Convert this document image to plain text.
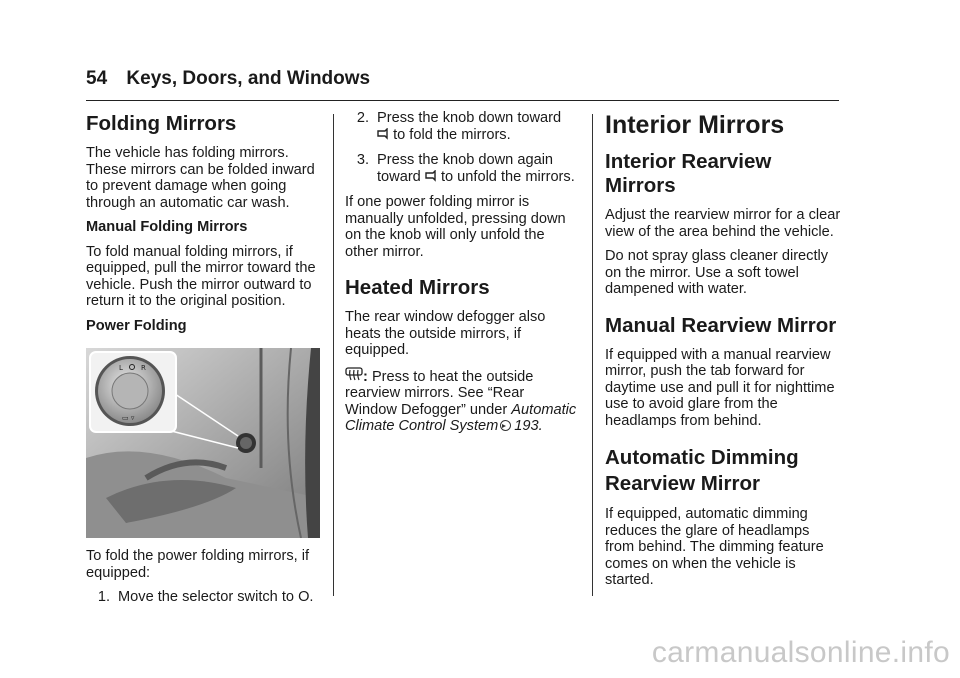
54 Keys, Doors, and Windows
Folding Mirrors

The vehicle has folding mirrors. These mirrors can be folded inward to prevent damage when going through an automatic car wash.

Manual Folding Mirrors

To fold manual folding mirrors, if equipped, pull the mirror toward the vehicle. Push the mirror outward to return it to the original position.

Power Folding
L	R
▭ ▿

To fold the power folding mirrors, if equipped:

1. Move the selector switch to O.
2. Press the knob down toward
to fold the mirrors.
3. Press the knob down again
toward to unfold the mirrors.

If one power folding mirror is manually unfolded, pressing down on the knob will only unfold the other mirror.

Heated Mirrors

The rear window defogger also heats the outside mirrors, if equipped.

: Press to heat the outside rearview mirrors. See “Rear Window Defogger” under Automatic Climate Control System 193.

Interior Mirrors
Interior Rearview Mirrors

Adjust the rearview mirror for a clear view of the area behind the vehicle.

Do not spray glass cleaner directly on the mirror. Use a soft towel dampened with water.

Manual Rearview Mirror

If equipped with a manual rearview mirror, push the tab forward for daytime use and pull it for nighttime use to avoid glare from the headlamps from behind.

Automatic Dimming
Rearview Mirror

If equipped, automatic dimming reduces the glare of headlamps from behind. The dimming feature comes on when the vehicle is started.

carmanualsonline.info
